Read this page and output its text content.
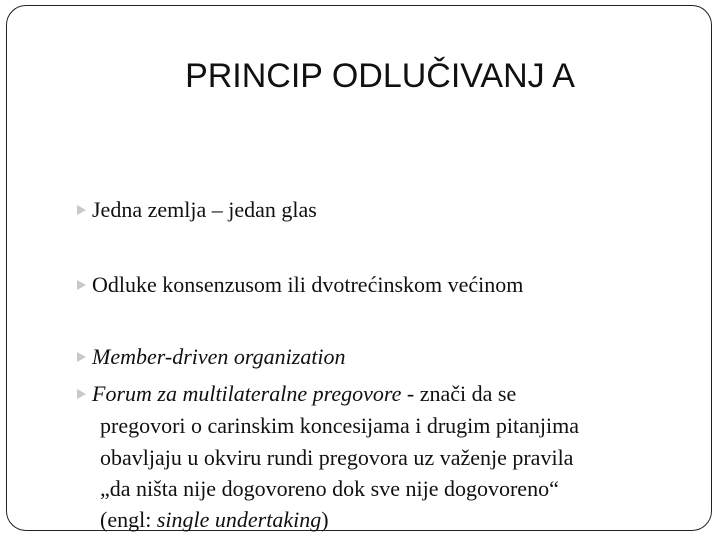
PRINCIP ODLUČIVANJ A
Jedna zemlja – jedan glas
Odluke konsenzusom ili dvotrećinskom većinom
Member-driven organization
Forum za multilateralne pregovore - znači da se
pregovori o carinskim koncesijama i drugim pitanjima
obavljaju u okviru rundi pregovora uz važenje pravila
„da ništa nije dogovoreno dok sve nije dogovoreno“
(engl: single undertaking)
